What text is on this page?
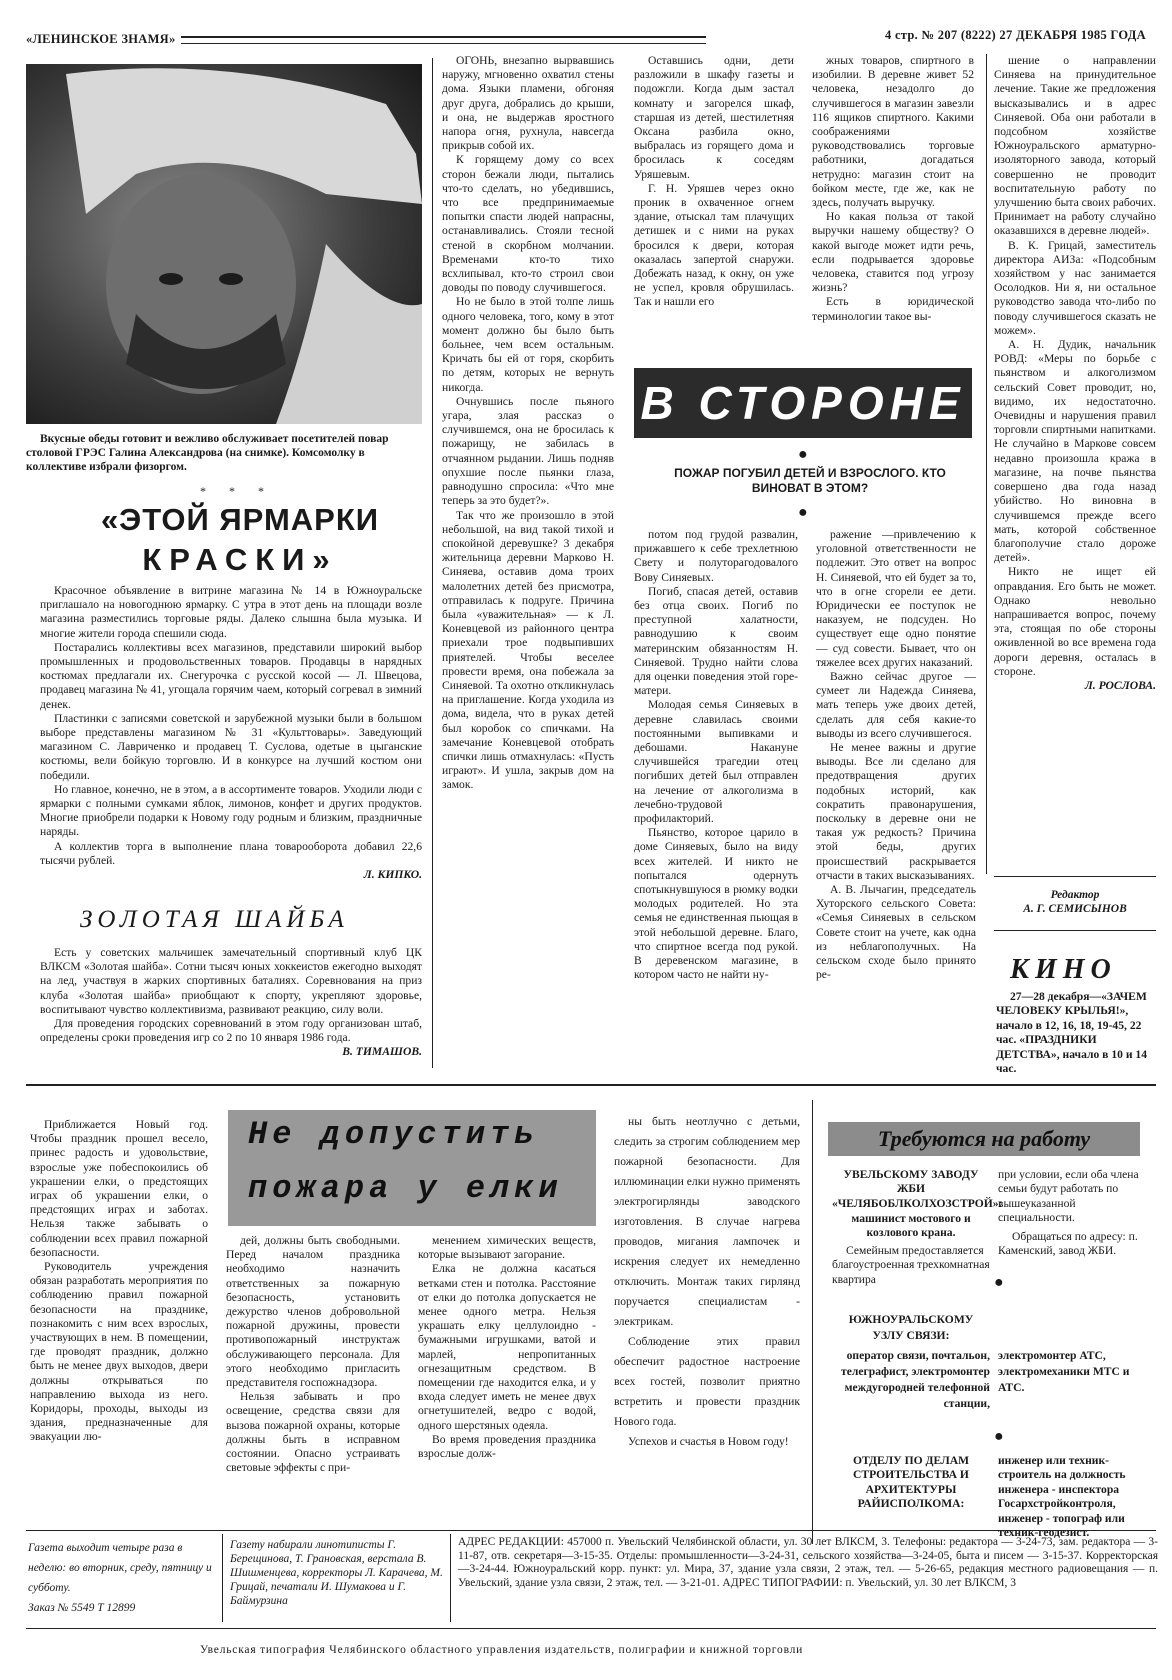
«ЛЕНИНСКОЕ ЗНАМЯ»	4 стр. № 207 (8222) 27 ДЕКАБРЯ 1985 ГОДА
Вкусные обеды готовит и вежливо обслуживает посетителей повар столовой ГРЭС Галина Александрова (на снимке). Комсомолку в коллективе избрали физоргом.
* * *
«ЭТОЙ ЯРМАРКИ
КРАСКИ»

Красочное объявление в витрине магазина № 14 в Южноуральске приглашало на новогоднюю ярмарку. С утра в этот день на площади возле магазина разместились торговые ряды. Далеко слышна была музыка. И многие жители города спешили сюда.

Постарались коллективы всех магазинов, представили широкий выбор промышленных и продовольственных товаров. Продавцы в нарядных костюмах предлагали их. Снегурочка с русской косой — Л. Швецова, продавец магазина № 41, угощала горячим чаем, который согревал в зимний денек.

Пластинки с записями советской и зарубежной музыки были в большом выборе представлены магазином № 31 «Культтовары». Заведующий магазином С. Лавриченко и продавец Т. Суслова, одетые в цыганские костюмы, вели бойкую торговлю. И в конкурсе на лучший костюм они победили.

Но главное, конечно, не в этом, а в ассортименте товаров. Уходили люди с ярмарки с полными сумками яблок, лимонов, конфет и других продуктов. Многие приобрели подарки к Новому году родным и близким, праздничные наряды.

А коллектив торга в выполнение плана товарооборота добавил 22,6 тысячи рублей.

Л. КИПКО.
ЗОЛОТАЯ ШАЙБА

Есть у советских мальчишек замечательный спортивный клуб ЦК ВЛКСМ «Золотая шайба». Сотни тысяч юных хоккеистов ежегодно выходят на лед, участвуя в жарких спортивных баталиях. Соревнования на приз клуба «Золотая шайба» приобщают к спорту, укрепляют здоровье, воспитывают чувство коллективизма, развивают реакцию, силу воли.

Для проведения городских соревнований в этом году организован штаб, определены сроки проведения игр со 2 по 10 января 1986 года.

В. ТИМАШОВ.

ОГОНЬ, внезапно вырвавшись наружу, мгновенно охватил стены дома. Языки пламени, обгоняя друг друга, добрались до крыши, и она, не выдержав яростного напора огня, рухнула, навсегда прикрыв собой их.

К горящему дому со всех сторон бежали люди, пытались что-то сделать, но убедившись, что все предпринимаемые попытки спасти людей напрасны, останавливались. Стояли тесной стеной в скорбном молчании. Временами кто-то тихо всхлипывал, кто-то строил свои доводы по поводу случившегося.

Но не было в этой толпе лишь одного человека, того, кому в этот момент должно бы было быть больнее, чем всем остальным. Кричать бы ей от горя, скорбить по детям, которых не вернуть никогда.

Очнувшись после пьяного угара, злая рассказ о случившемся, она не бросилась к пожарищу, не забилась в отчаянном рыдании. Лишь подняв опухшие после пьянки глаза, равнодушно спросила: «Что мне теперь за это будет?».

Так что же произошло в этой небольшой, на вид такой тихой и спокойной деревушке? 3 декабря жительница деревни Марково Н. Синяева, оставив дома троих малолетних детей без присмотра, отправилась к подруге. Причина была «уважительная» — к Л. Коневцевой из районного центра приехали трое подвыпивших приятелей. Чтобы веселее провести время, она побежала за Синяевой. Та охотно откликнулась на приглашение. Когда уходила из дома, видела, что в руках детей был коробок со спичками. На замечание Коневцевой отобрать спички лишь отмахнулась: «Пусть играют». И ушла, закрыв дом на замок.

Оставшись одни, дети разложили в шкафу газеты и подожгли. Когда дым застал комнату и загорелся шкаф, старшая из детей, шестилетняя Оксана разбила окно, выбралась из горящего дома и бросилась к соседям Уряшевым.

Г. Н. Уряшев через окно проник в охваченное огнем здание, отыскал там плачущих детишек и с ними на руках бросился к двери, которая оказалась запертой снаружи. Добежать назад, к окну, он уже не успел, кровля обрушилась. Так и нашли его

жных товаров, спиртного в изобилии. В деревне живет 52 человека, незадолго до случившегося в магазин завезли 116 ящиков спиртного. Какими соображениями руководствовались торговые работники, догадаться нетрудно: магазин стоит на бойком месте, где же, как не здесь, получать выручку.

Но какая польза от такой выручки нашему обществу? О какой выгоде может идти речь, если подрывается здоровье человека, ставится под угрозу жизнь?

Есть в юридической терминологии такое вы-

В СТОРОНЕ
●
ПОЖАР ПОГУБИЛ ДЕТЕЙ И ВЗРОСЛОГО. КТО ВИНОВАТ В ЭТОМ?
●

потом под грудой развалин, прижавшего к себе трехлетнюю Свету и полуторагодовалого Вову Синяевых.

Погиб, спасая детей, оставив без отца своих. Погиб по преступной халатности, равнодушию к своим материнским обязанностям Н. Синяевой. Трудно найти слова для оценки поведения этой горе-матери.

Молодая семья Синяевых в деревне славилась своими постоянными выпивками и дебошами. Накануне случившейся трагедии отец погибших детей был отправлен на лечение от алкоголизма в лечебно-трудовой профилакторий.

Пьянство, которое царило в доме Синяевых, было на виду всех жителей. И никто не попытался одернуть спотыкнувшуюся в рюмку водки молодых родителей. Но эта семья не единственная пьющая в этой небольшой деревне. Благо, что спиртное всегда под рукой. В деревенском магазине, в котором часто не найти ну-

ражение —привлечению к уголовной ответственности не подлежит. Это ответ на вопрос Н. Синяевой, что ей будет за то, что в огне сгорели ее дети. Юридически ее поступок не наказуем, не подсуден. Но существует еще одно понятие — суд совести. Бывает, что он тяжелее всех других наказаний.

Важно сейчас другое — сумеет ли Надежда Синяева, мать теперь уже двоих детей, сделать для себя какие-то выводы из всего случившегося.

Не менее важны и другие выводы. Все ли сделано для предотвращения других подобных историй, как сократить правонарушения, поскольку в деревне они не такая уж редкость? Причина этой беды, других происшествий раскрывается отчасти в таких высказываниях.

А. В. Лычагин, председатель Хуторского сельского Совета: «Семья Синяевых в сельском Совете стоит на учете, как одна из неблагополучных. На сельском сходе было принято ре-

шение о направлении Синяева на принудительное лечение. Такие же предложения высказывались и в адрес Синяевой. Оба они работали в подсобном хозяйстве Южноуральского арматурно-изоляторного завода, который совершенно не проводит воспитательную работу по улучшению быта своих рабочих. Принимает на работу случайно оказавшихся в деревне людей».

В. К. Грицай, заместитель директора АИЗа: «Подсобным хозяйством у нас занимается Осолодков. Ни я, ни остальное руководство завода что-либо по поводу случившегося сказать не можем».

А. Н. Дудик, начальник РОВД: «Меры по борьбе с пьянством и алкоголизмом сельский Совет проводит, но, видимо, их недостаточно. Очевидны и нарушения правил торговли спиртными напитками. Не случайно в Маркове совсем недавно произошла кража в магазине, на почве пьянства совершено два года назад убийство. Но виновна в случившемся прежде всего мать, которой собственное благополучие стало дороже детей».

Никто не ищет ей оправдания. Его быть не может. Однако невольно напрашивается вопрос, почему эта, стоящая по обе стороны оживленной во все времена года дороги деревня, осталась в стороне.

Л. РОСЛОВА.
Редактор
А. Г. СЕМИСЫНОВ
КИНО
27—28 декабря—«ЗАЧЕМ ЧЕЛОВЕКУ КРЫЛЬЯ!», начало в 12, 16, 18, 19-45, 22 час. «ПРАЗДНИКИ ДЕТСТВА», начало в 10 и 14 час.

Приближается Новый год. Чтобы праздник прошел весело, принес радость и удовольствие, взрослые уже побеспокоились об украшении елки, о предстоящих играх об украшении елки, о предстоящих играх и заботах. Нельзя также забывать о соблюдении всех правил пожарной безопасности.

Руководитель учреждения обязан разработать мероприятия по соблюдению правил пожарной безопасности на празднике, познакомить с ним всех взрослых, участвующих в нем. В помещении, где проводят праздник, должно быть не менее двух выходов, двери должны открываться по направлению выхода из него. Коридоры, проходы, выходы из здания, предназначенные для эвакуации лю-

Не допустить
пожара у елки

дей, должны быть свободными. Перед началом праздника необходимо назначить ответственных за пожарную безопасность, установить дежурство членов добровольной пожарной дружины, провести противопожарный инструктаж обслуживающего персонала. Для этого необходимо пригласить представителя госпожнадзора.

Нельзя забывать и про освещение, средства связи для вызова пожарной охраны, которые должны быть в исправном состоянии. Опасно устраивать световые эффекты с при-

менением химических веществ, которые вызывают загорание.

Елка не должна касаться ветками стен и потолка. Расстояние от елки до потолка допускается не менее одного метра. Нельзя украшать елку целлулоидно - бумажными игрушками, ватой и марлей, непропитанных огнезащитным средством. В помещении где находится елка, и у входа следует иметь не менее двух огнетушителей, ведро с водой, одного шерстяных одеяла.

Во время проведения праздника взрослые долж-

ны быть неотлучно с детьми, следить за строгим соблюдением мер пожарной безопасности. Для иллюминации елки нужно применять электрогирлянды заводского изготовления. В случае нагрева проводов, мигания лампочек и искрения следует их немедленно отключить. Монтаж таких гирлянд поручается специалистам - электрикам.

Соблюдение этих правил обеспечит радостное настроение всех гостей, позволит приятно встретить и провести праздник Нового года.

Успехов и счастья в Новом году!

Требуются на работу
УВЕЛЬСКОМУ ЗАВОДУ ЖБИ «ЧЕЛЯБОБЛКОЛХОЗСТРОЙ»:
машинист мостового и козлового крана.
Семейным предоставляется благоустроенная трехкомнатная квартира
при условии, если оба члена семьи будут работать по вышеуказанной специальности.
Обращаться по адресу: п. Каменский, завод ЖБИ.
●
ЮЖНОУРАЛЬСКОМУ УЗЛУ СВЯЗИ:
оператор связи, почтальон, телеграфист, электромонтер междугородней телефонной станции,
электромонтер АТС, электромеханики МТС и АТС.
●
ОТДЕЛУ ПО ДЕЛАМ СТРОИТЕЛЬСТВА И АРХИТЕКТУРЫ РАЙИСПОЛКОМА:
инженер или техник-строитель на должность инженера - инспектора Госархстройконтроля, инженер - топограф или техник-геодезист.
Газета выходит четыре раза в неделю: во вторник, среду, пятницу и субботу.
Заказ № 5549 Т 12899
Газету набирали линотиписты Г. Берещинова, Т. Грановская, верстала В. Шишменцева, корректоры Л. Карачева, М. Грицай, печатали И. Шумакова и Г. Баймурзина
АДРЕС РЕДАКЦИИ: 457000 п. Увельский Челябинской области, ул. 30 лет ВЛКСМ, 3. Телефоны: редактора — 3-24-73, зам. редактора — 3-11-87, отв. секретаря—3-15-35. Отделы: промышленности—3-24-31, сельского хозяйства—3-24-05, быта и писем — 3-15-37. Корректорская—3-24-44. Южноуральский корр. пункт: ул. Мира, 37, здание узла связи, 2 этаж, тел. — 5-26-65, редакция местного радиовещания — п. Увельский, здание узла связи, 2 этаж, тел. — 3-21-01. АДРЕС ТИПОГРАФИИ: п. Увельский, ул. 30 лет ВЛКСМ, 3
Увельская типография Челябинского областного управления издательств, полиграфии и книжной торговли
